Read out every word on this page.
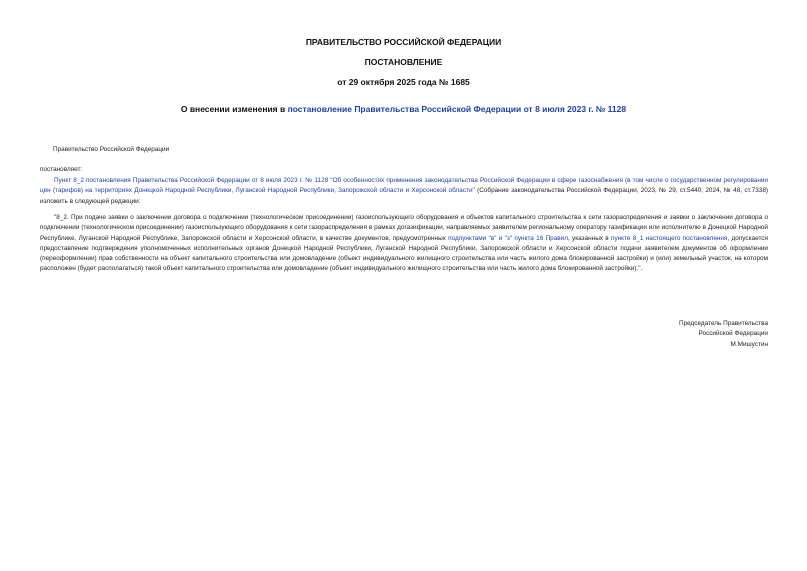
ПРАВИТЕЛЬСТВО РОССИЙСКОЙ ФЕДЕРАЦИИ
ПОСТАНОВЛЕНИЕ
от 29 октября 2025 года № 1685
О внесении изменения в постановление Правительства Российской Федерации от 8 июля 2023 г. № 1128
Правительство Российской Федерации
постановляет:
Пункт 8_2 постановления Правительства Российской Федерации от 8 июля 2023 г. № 1128 "Об особенностях применения законодательства Российской Федерации в сфере газоснабжения (в том числе о государственном регулировании цен (тарифов) на территориях Донецкой Народной Республики, Луганской Народной Республики, Запорожской области и Херсонской области" (Собрание законодательства Российской Федерации, 2023, № 29, ст.5440; 2024, № 48, ст.7338) изложить в следующей редакции:
"8_2. При подаче заявки о заключении договора о подключении (технологическом присоединении) газоиспользующего оборудования и объектов капитального строительства к сети газораспределения и заявки о заключении договора о подключении (технологическом присоединении) газоиспользующего оборудования к сети газораспределения в рамках догазификации, направляемых заявителем региональному оператору газификации или исполнителю в Донецкой Народной Республике, Луганской Народной Республике, Запорожской области и Херсонской области, в качестве документов, предусмотренных подпунктами "в" и "з" пункта 16 Правил, указанных в пункте 8_1 настоящего постановления, допускается предоставление подтверждения уполномоченных исполнительных органов Донецкой Народной Республики, Луганской Народной Республики, Запорожской области и Херсонской области подачи заявителем документов об оформлении (переоформлении) прав собственности на объект капитального строительства или домовладение (объект индивидуального жилищного строительства или часть жилого дома блокированной застройки) и (или) земельный участок, на котором расположен (будет располагаться) такой объект капитального строительства или домовладение (объект индивидуального жилищного строительства или часть жилого дома блокированной застройки).".
Председатель Правительства
Российской Федерации
М.Мишустин
